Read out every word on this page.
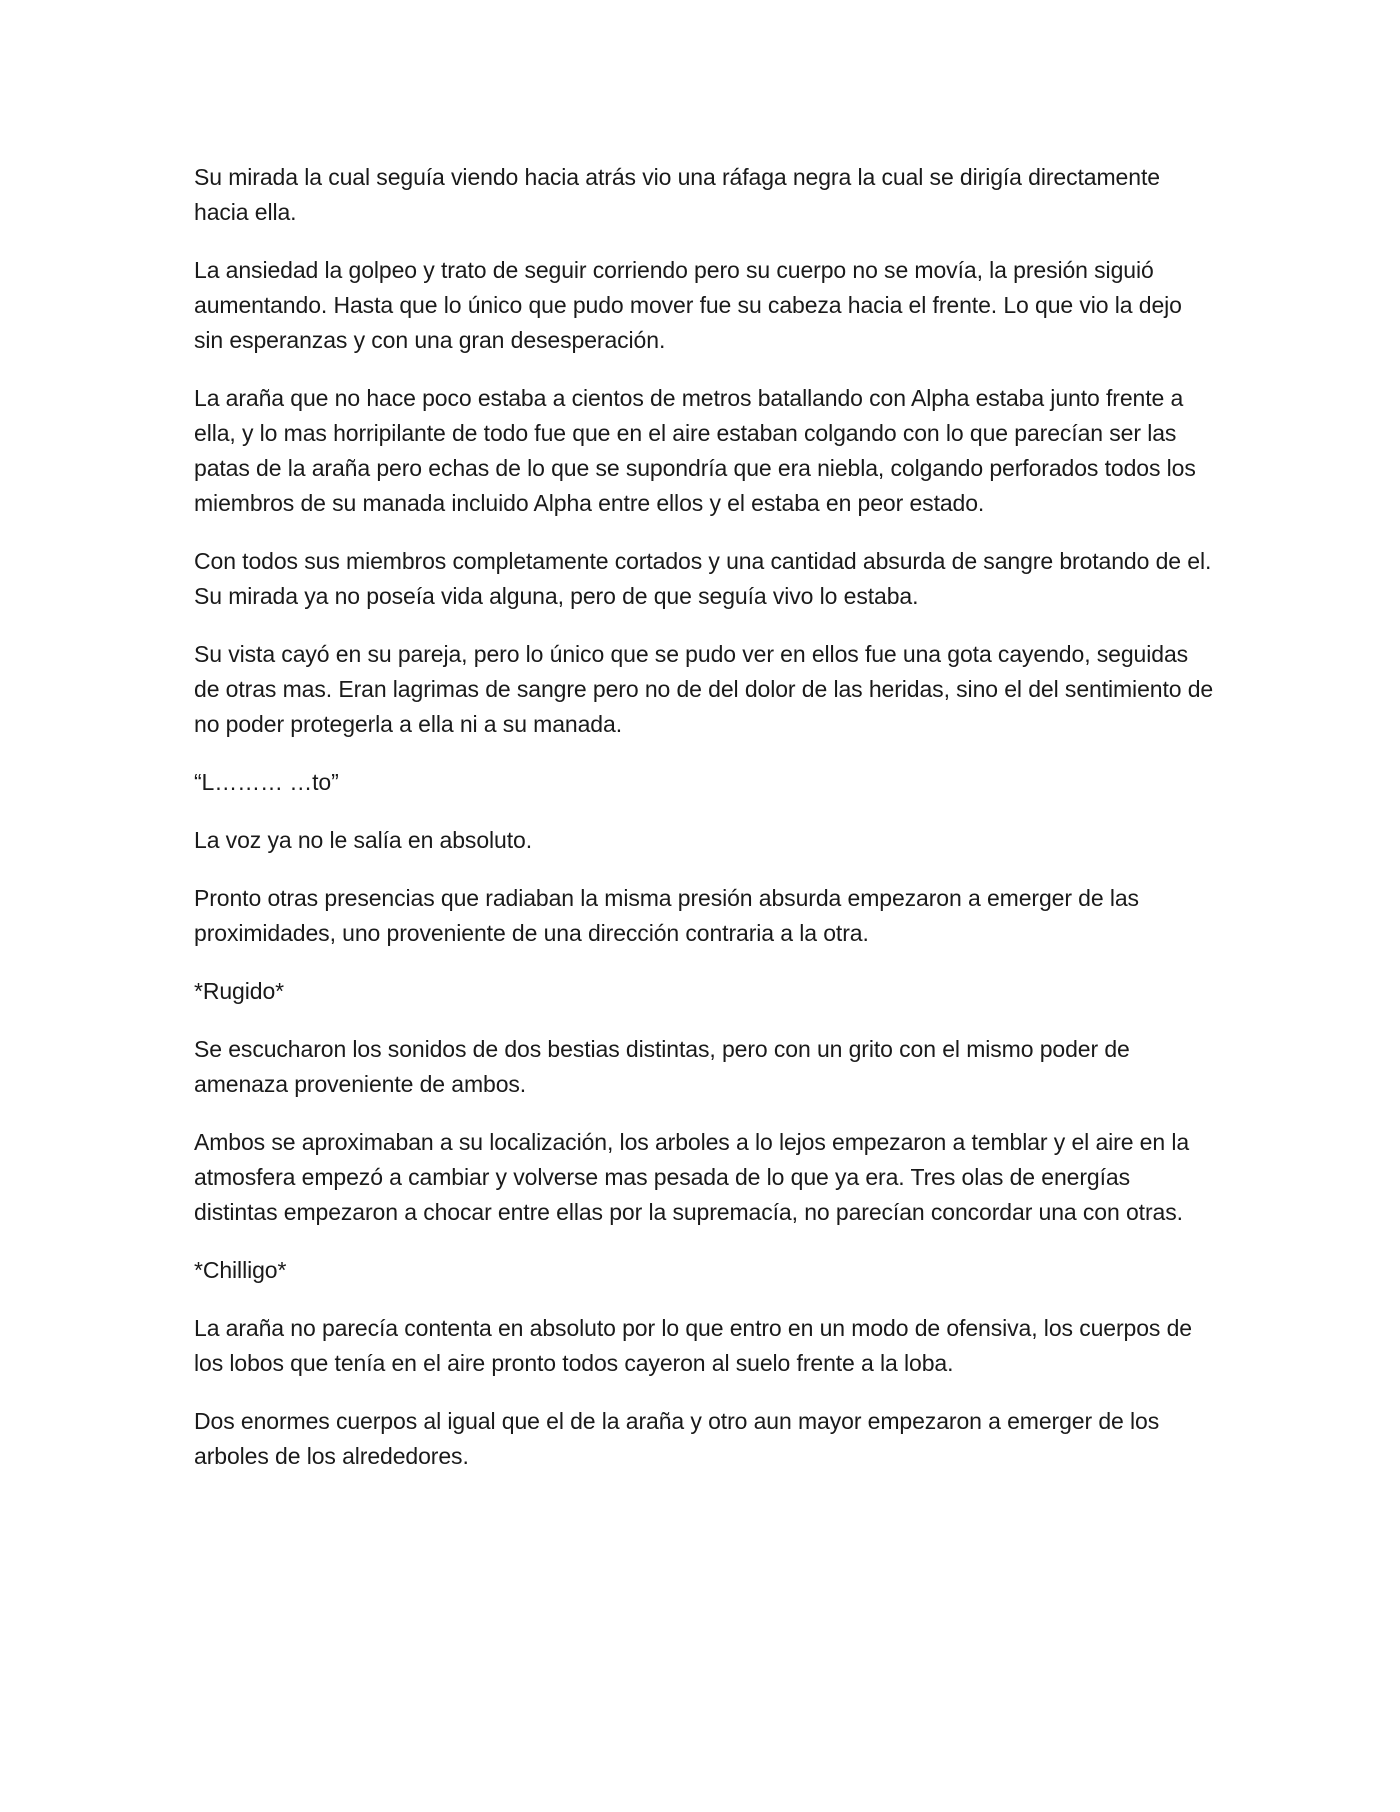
Su mirada la cual seguía viendo hacia atrás vio una ráfaga negra la cual se dirigía directamente hacia ella.

La ansiedad la golpeo y trato de seguir corriendo pero su cuerpo no se movía, la presión siguió aumentando. Hasta que lo único que pudo mover fue su cabeza hacia el frente. Lo que vio la dejo sin esperanzas y con una gran desesperación.

La araña que no hace poco estaba a cientos de metros batallando con Alpha estaba junto frente a ella, y lo mas horripilante de todo fue que en el aire estaban colgando con lo que parecían ser las patas de la araña pero echas de lo que se supondría que era niebla, colgando perforados todos los miembros de su manada incluido Alpha entre ellos y el estaba en peor estado.

Con todos sus miembros completamente cortados y una cantidad absurda de sangre brotando de el. Su mirada ya no poseía vida alguna, pero de que seguía vivo lo estaba.

Su vista cayó en su pareja, pero lo único que se pudo ver en ellos fue una gota cayendo, seguidas de otras mas. Eran lagrimas de sangre pero no de del dolor de las heridas, sino el del sentimiento de no poder protegerla a ella ni a su manada.

“L……… …to”

La voz ya no le salía en absoluto.

Pronto otras presencias que radiaban la misma presión absurda empezaron a emerger de las proximidades, uno proveniente de una dirección contraria a la otra.

*Rugido*

Se escucharon los sonidos de dos bestias distintas, pero con un grito con el mismo poder de amenaza proveniente de ambos.

Ambos se aproximaban a su localización, los arboles a lo lejos empezaron a temblar y el aire en la atmosfera empezó a cambiar y volverse mas pesada de lo que ya era. Tres olas de energías distintas empezaron a chocar entre ellas por la supremacía, no parecían concordar una con otras.

*Chilligo*

La araña no parecía contenta en absoluto por lo que entro en un modo de ofensiva, los cuerpos de los lobos que tenía en el aire pronto todos cayeron al suelo frente a la loba.

Dos enormes cuerpos al igual que el de la araña y otro aun mayor empezaron a emerger de los arboles de los alrededores.
